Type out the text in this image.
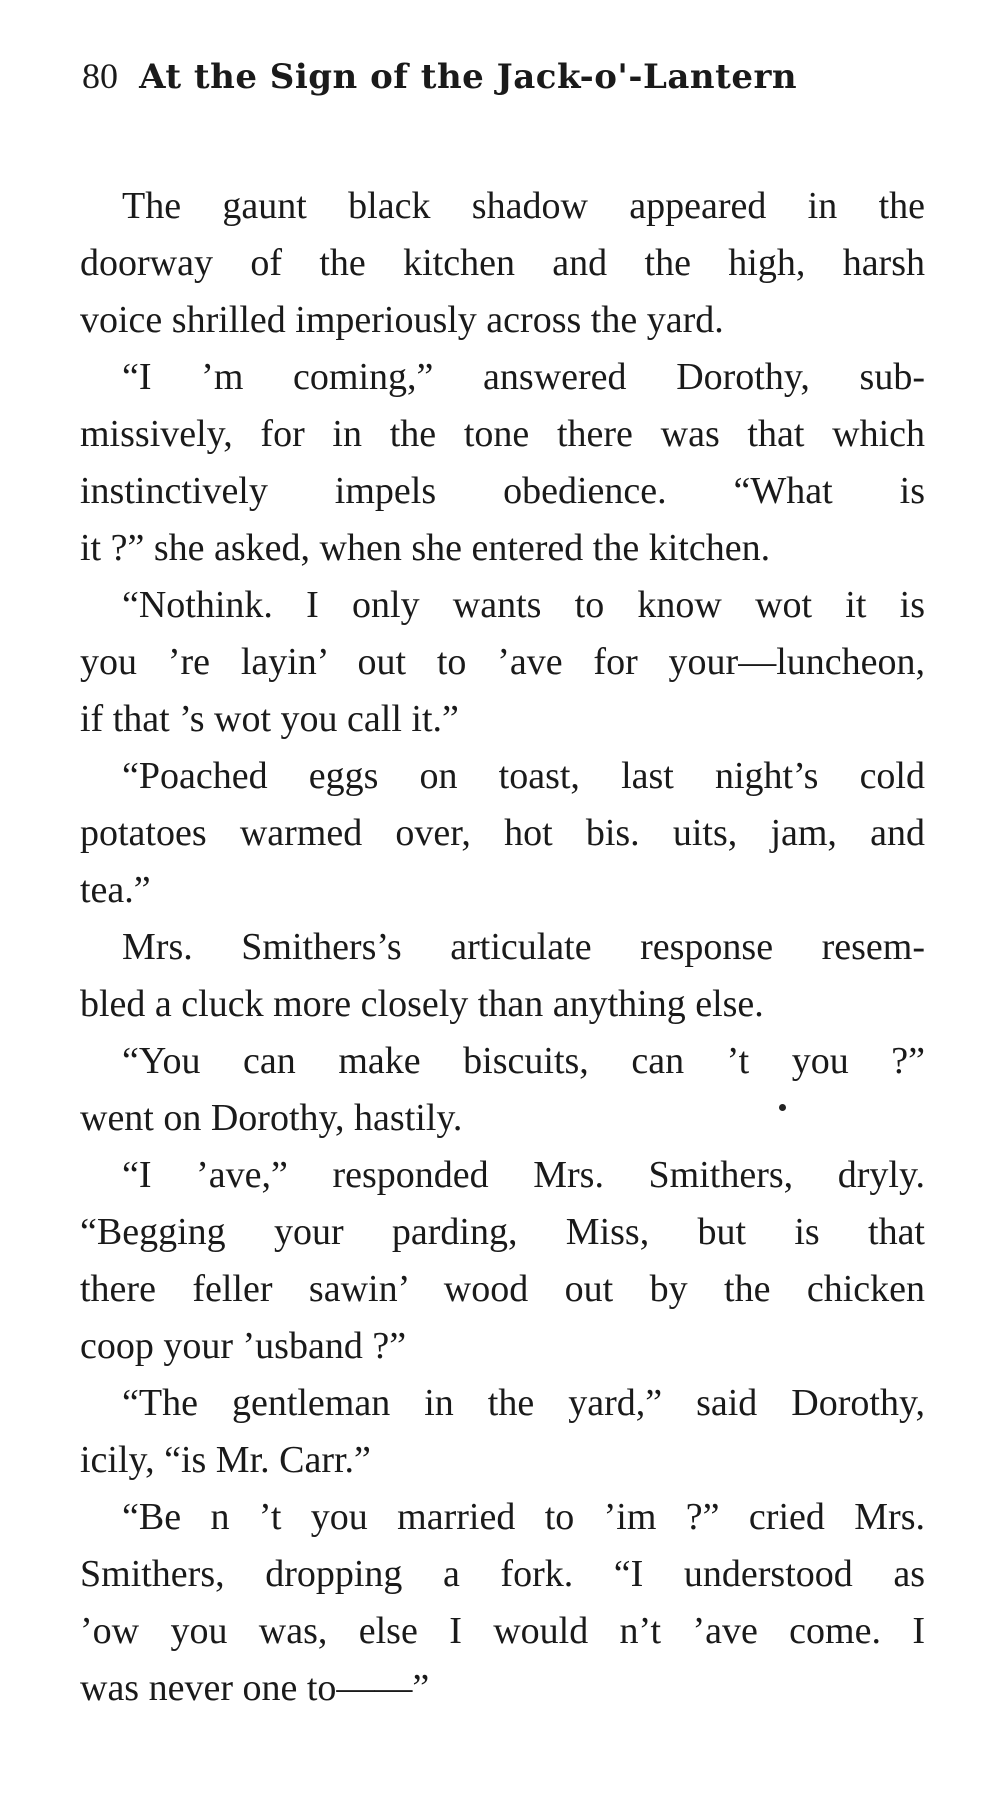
80 At the Sign of the Jack-o'-Lantern
The gaunt black shadow appeared in the
doorway of the kitchen and the high, harsh
voice shrilled imperiously across the yard.
“I ’m coming,” answered Dorothy, sub-
missively, for in the tone there was that which
instinctively impels obedience. “What is
it ?” she asked, when she entered the kitchen.
“Nothink. I only wants to know wot it is
you ’re layin’ out to ’ave for your—luncheon,
if that ’s wot you call it.”
“Poached eggs on toast, last night’s cold
potatoes warmed over, hot bis. uits, jam, and
tea.”
Mrs. Smithers’s articulate response resem-
bled a cluck more closely than anything else.
“You can make biscuits, can ’t you ?”
went on Dorothy, hastily.
“I ’ave,” responded Mrs. Smithers, dryly.
“Begging your parding, Miss, but is that
there feller sawin’ wood out by the chicken
coop your ’usband ?”
“The gentleman in the yard,” said Dorothy,
icily, “is Mr. Carr.”
“Be n ’t you married to ’im ?” cried Mrs.
Smithers, dropping a fork. “I understood as
’ow you was, else I would n’t ’ave come. I
was never one to——”
